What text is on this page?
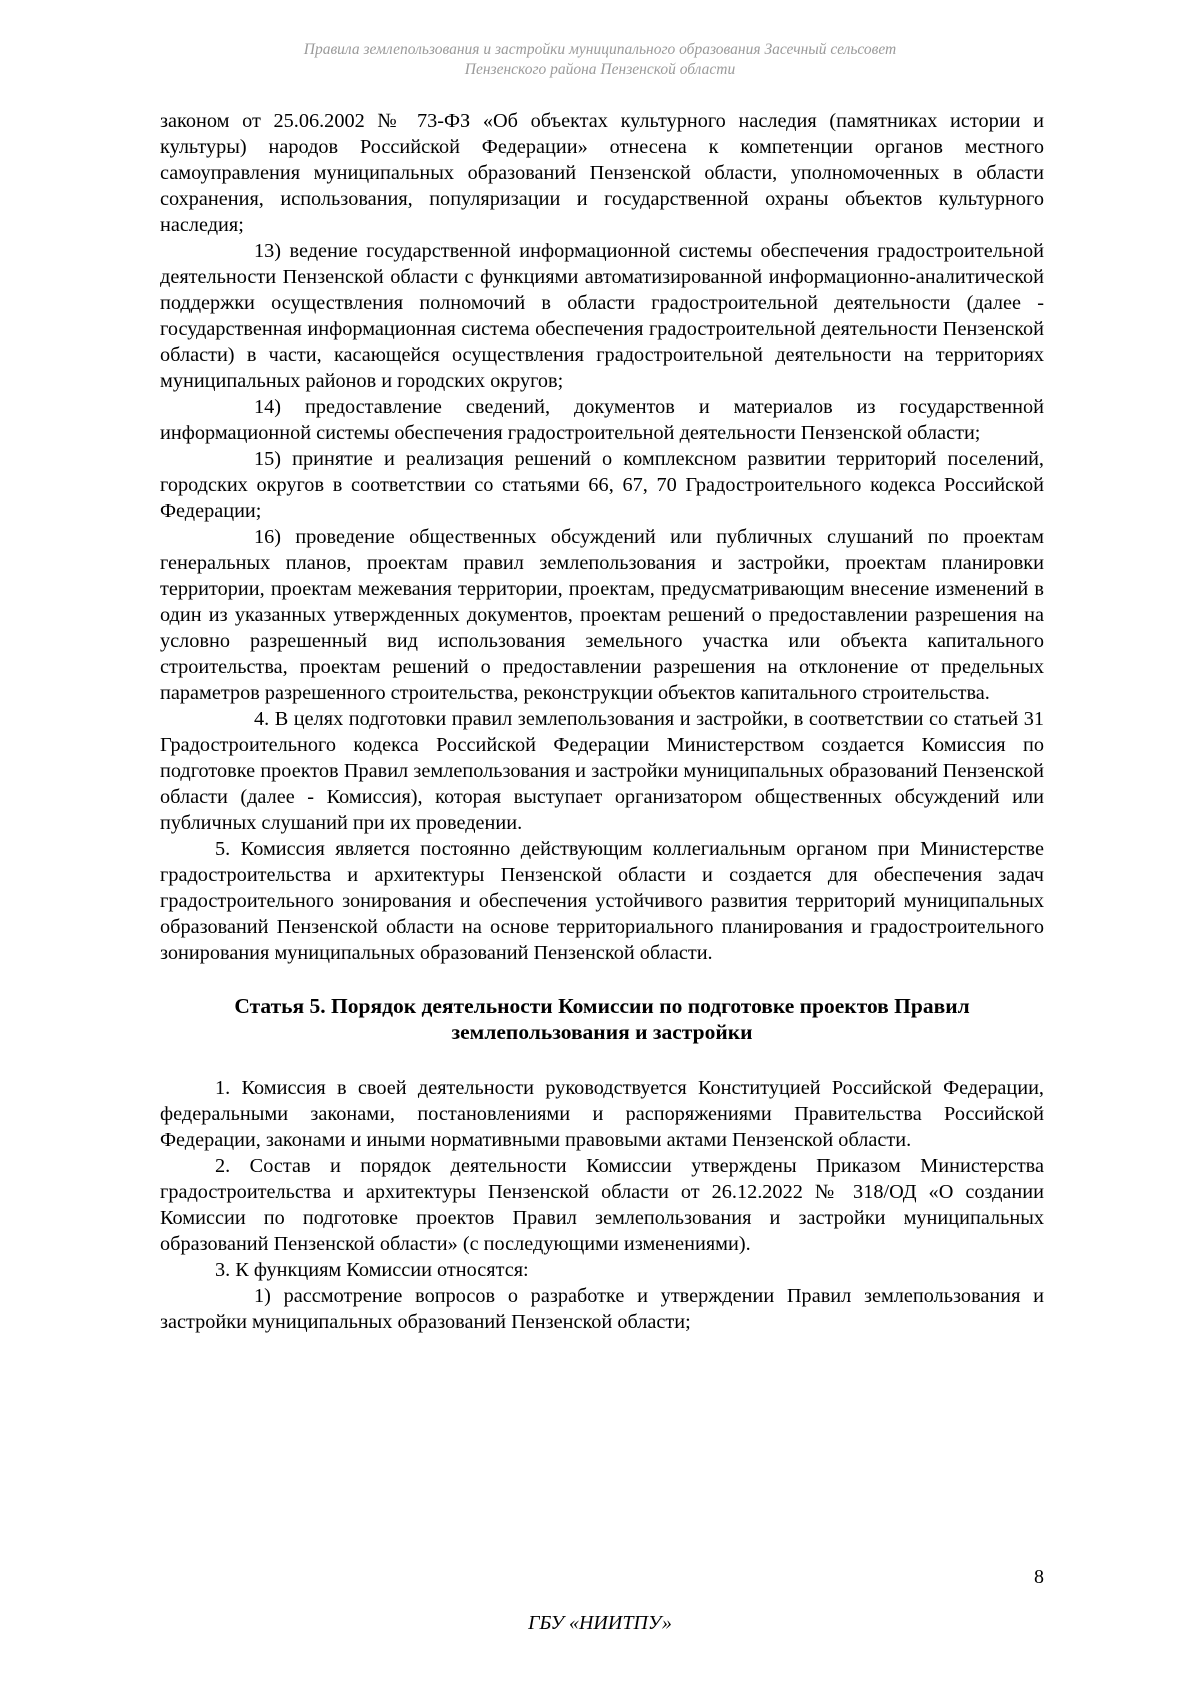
Правила землепользования и застройки муниципального образования Засечный сельсовет
Пензенского района Пензенской области

законом от 25.06.2002 № 73-ФЗ «Об объектах культурного наследия (памятниках истории и культуры) народов Российской Федерации» отнесена к компетенции органов местного самоуправления муниципальных образований Пензенской области, уполномоченных в области сохранения, использования, популяризации и государственной охраны объектов культурного наследия;

13) ведение государственной информационной системы обеспечения градостроительной деятельности Пензенской области с функциями автоматизированной информационно-аналитической поддержки осуществления полномочий в области градостроительной деятельности (далее - государственная информационная система обеспечения градостроительной деятельности Пензенской области) в части, касающейся осуществления градостроительной деятельности на территориях муниципальных районов и городских округов;

14) предоставление сведений, документов и материалов из государственной информационной системы обеспечения градостроительной деятельности Пензенской области;

15) принятие и реализация решений о комплексном развитии территорий поселений, городских округов в соответствии со статьями 66, 67, 70 Градостроительного кодекса Российской Федерации;

16) проведение общественных обсуждений или публичных слушаний по проектам генеральных планов, проектам правил землепользования и застройки, проектам планировки территории, проектам межевания территории, проектам, предусматривающим внесение изменений в один из указанных утвержденных документов, проектам решений о предоставлении разрешения на условно разрешенный вид использования земельного участка или объекта капитального строительства, проектам решений о предоставлении разрешения на отклонение от предельных параметров разрешенного строительства, реконструкции объектов капитального строительства.

4. В целях подготовки правил землепользования и застройки, в соответствии со статьей 31 Градостроительного кодекса Российской Федерации Министерством создается Комиссия по подготовке проектов Правил землепользования и застройки муниципальных образований Пензенской области (далее - Комиссия), которая выступает организатором общественных обсуждений или публичных слушаний при их проведении.

5. Комиссия является постоянно действующим коллегиальным органом при Министерстве градостроительства и архитектуры Пензенской области и создается для обеспечения задач градостроительного зонирования и обеспечения устойчивого развития территорий муниципальных образований Пензенской области на основе территориального планирования и градостроительного зонирования муниципальных образований Пензенской области.

Статья 5. Порядок деятельности Комиссии по подготовке проектов Правил землепользования и застройки

1. Комиссия в своей деятельности руководствуется Конституцией Российской Федерации, федеральными законами, постановлениями и распоряжениями Правительства Российской Федерации, законами и иными нормативными правовыми актами Пензенской области.

2. Состав и порядок деятельности Комиссии утверждены Приказом Министерства градостроительства и архитектуры Пензенской области от 26.12.2022 № 318/ОД «О создании Комиссии по подготовке проектов Правил землепользования и застройки муниципальных образований Пензенской области» (с последующими изменениями).

3. К функциям Комиссии относятся:

1) рассмотрение вопросов о разработке и утверждении Правил землепользования и застройки муниципальных образований Пензенской области;

8
ГБУ «НИИТПУ»
